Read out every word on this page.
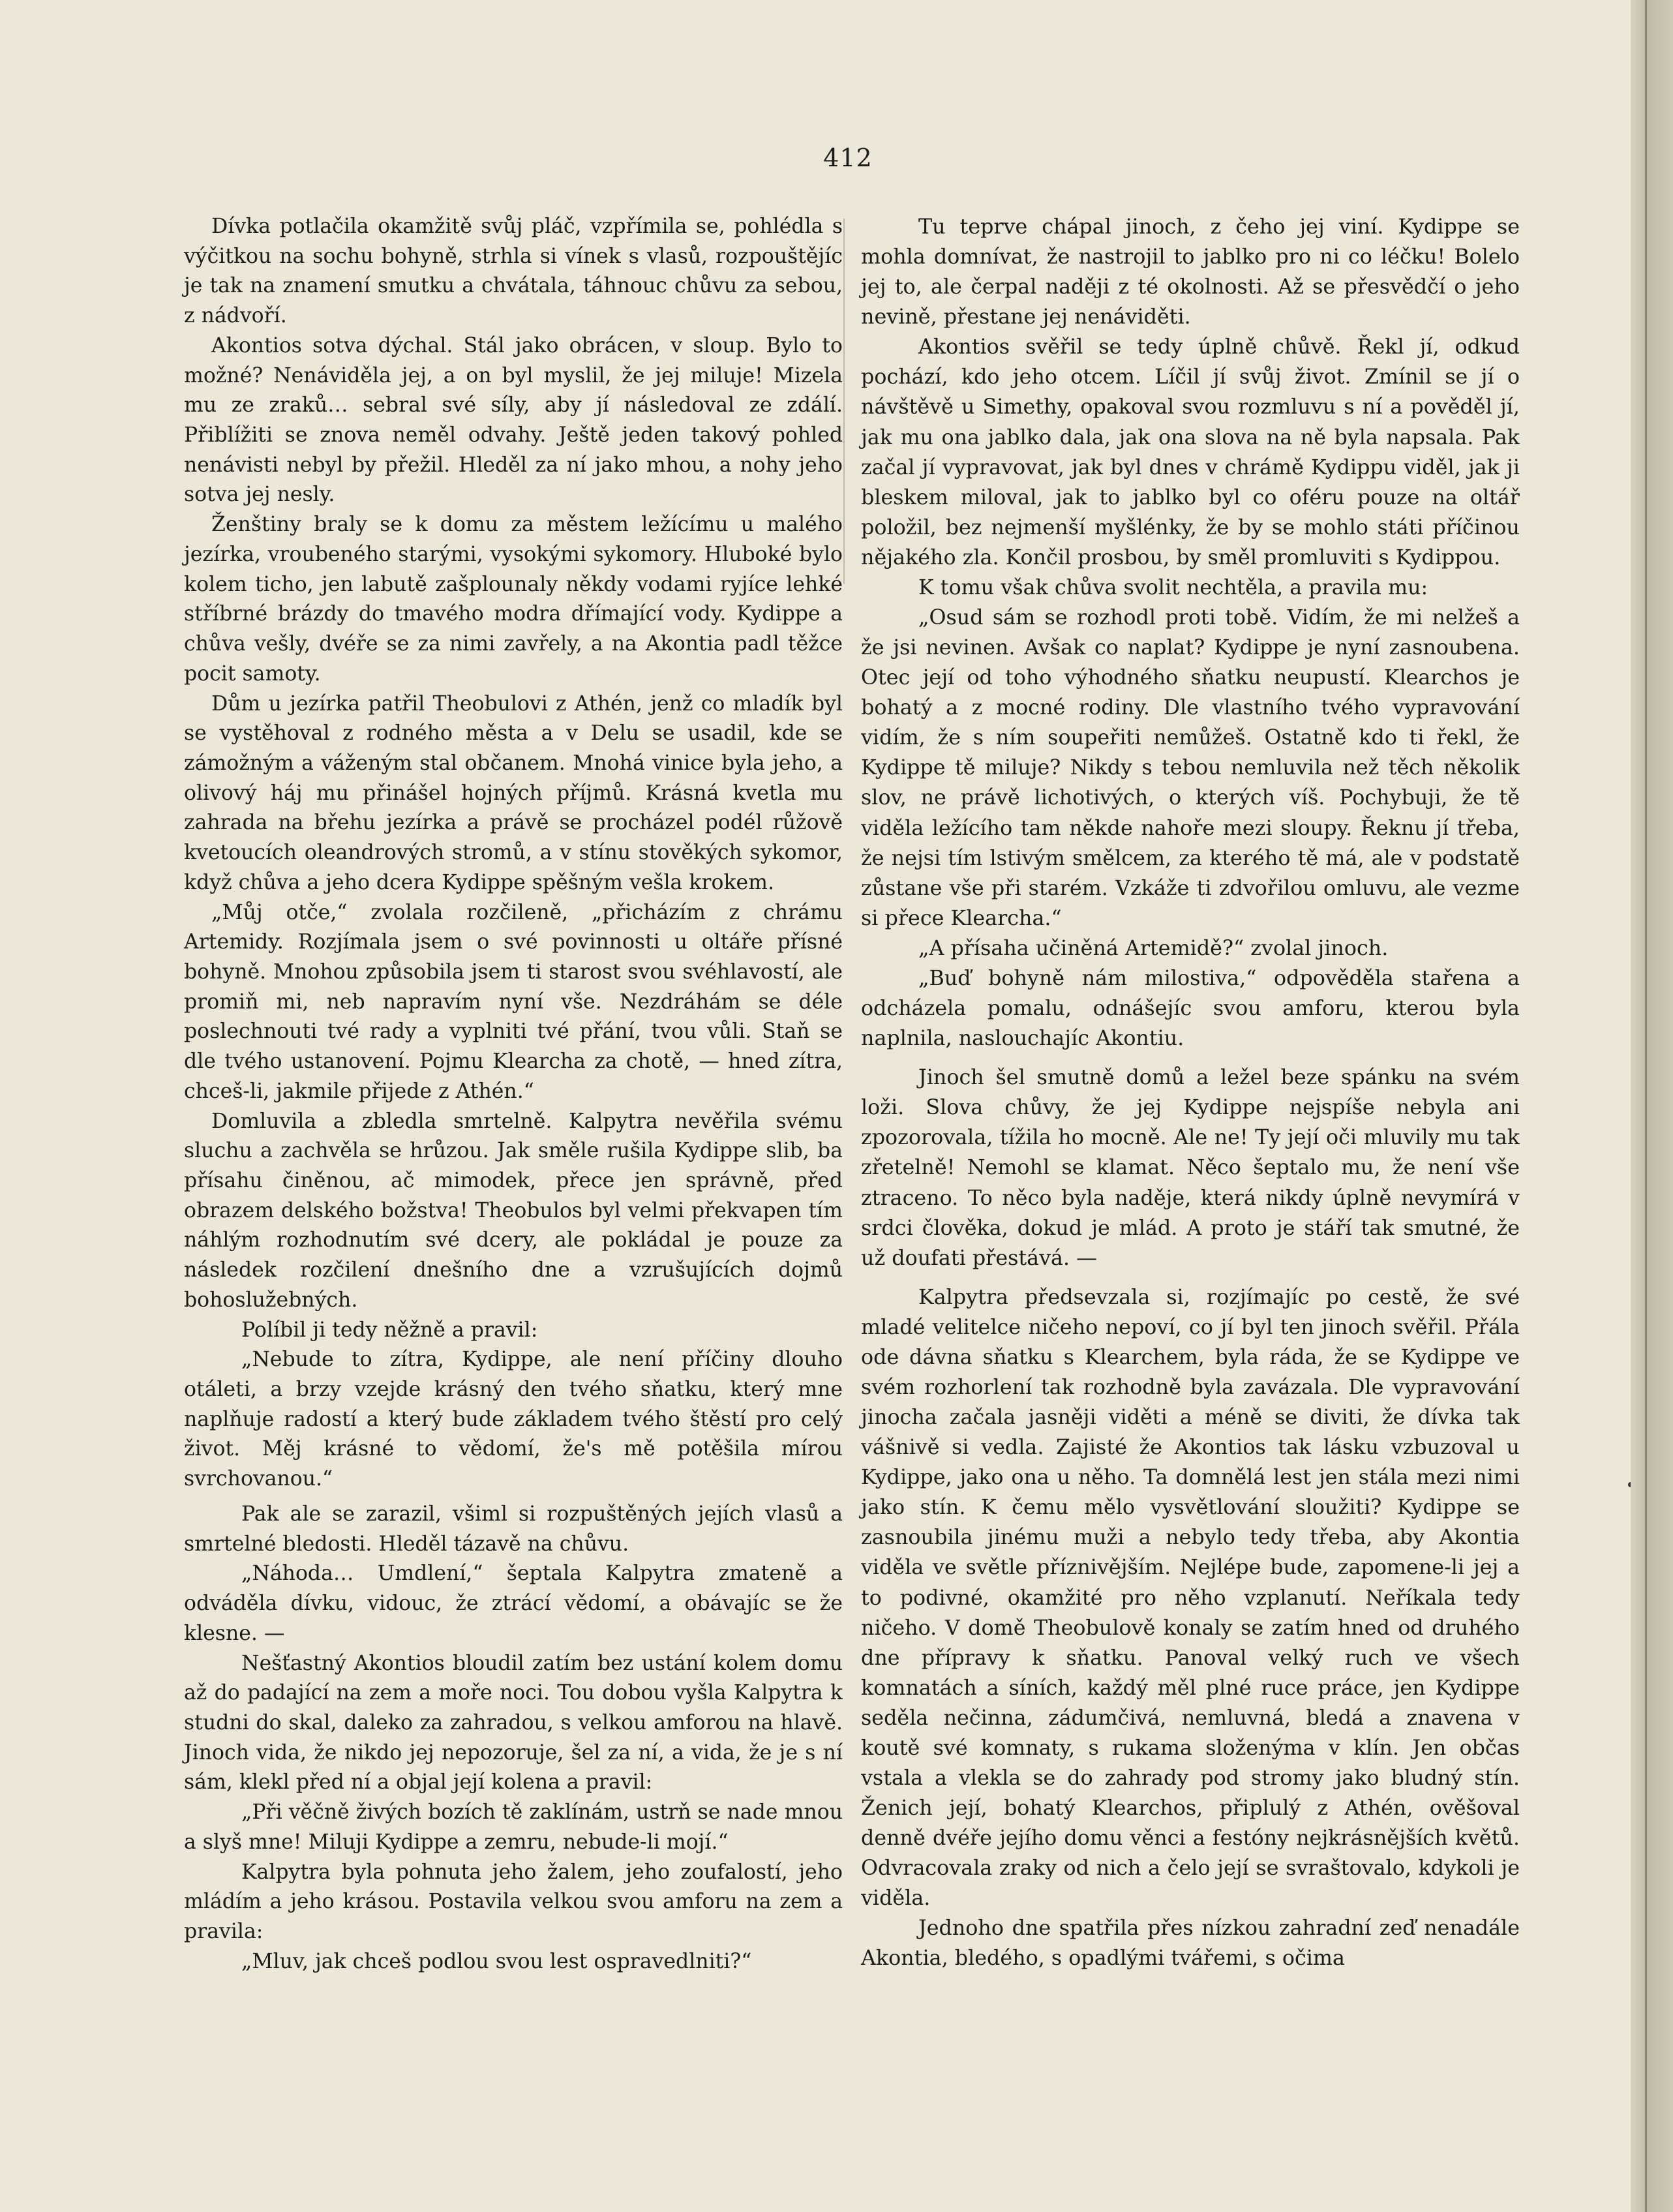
412

Dívka potlačila okamžitě svůj pláč, vzpřímila se, pohlédla s výčitkou na sochu bohyně, strhla si vínek s vlasů, rozpouštějíc je tak na znamení smutku a chvátala, táhnouc chůvu za sebou, z nádvoří.

Akontios sotva dýchal. Stál jako obrácen, v sloup. Bylo to možné? Nenáviděla jej, a on byl myslil, že jej miluje! Mizela mu ze zraků… sebral své síly, aby jí následoval ze zdálí. Přiblížiti se znova neměl odvahy. Ještě jeden takový pohled nenávisti nebyl by přežil. Hleděl za ní jako mhou, a nohy jeho sotva jej nesly.

Ženštiny braly se k domu za městem ležícímu u malého jezírka, vroubeného starými, vysokými sykomory. Hluboké bylo kolem ticho, jen labutě zašplounaly někdy vodami ryjíce lehké stříbrné brázdy do tmavého modra dřímající vody. Kydippe a chůva vešly, dvéře se za nimi zavřely, a na Akontia padl těžce pocit samoty.

Dům u jezírka patřil Theobulovi z Athén, jenž co mladík byl se vystěhoval z rodného města a v Delu se usadil, kde se zámožným a váženým stal občanem. Mnohá vinice byla jeho, a olivový háj mu přinášel hojných příjmů. Krásná kvetla mu zahrada na břehu jezírka a právě se procházel podél růžově kvetoucích oleandrových stromů, a v stínu stověkých sykomor, když chůva a jeho dcera Kydippe spěšným vešla krokem.

„Můj otče,“ zvolala rozčileně, „přicházím z chrámu Artemidy. Rozjímala jsem o své povinnosti u oltáře přísné bohyně. Mnohou způsobila jsem ti starost svou svéhlavostí, ale promiň mi, neb napravím nyní vše. Nezdráhám se déle poslechnouti tvé rady a vyplniti tvé přání, tvou vůli. Staň se dle tvého ustanovení. Pojmu Klearcha za chotě, — hned zítra, chceš-li, jakmile přijede z Athén.“

Domluvila a zbledla smrtelně. Kalpytra nevěřila svému sluchu a zachvěla se hrůzou. Jak směle rušila Kydippe slib, ba přísahu činěnou, ač mimodek, přece jen správně, před obrazem delského božstva! Theobulos byl velmi překvapen tím náhlým rozhodnutím své dcery, ale pokládal je pouze za následek rozčilení dnešního dne a vzrušujících dojmů bohoslužebných.

Políbil ji tedy něžně a pravil:

„Nebude to zítra, Kydippe, ale není příčiny dlouho otáleti, a brzy vzejde krásný den tvého sňatku, který mne naplňuje radostí a který bude základem tvého štěstí pro celý život. Měj krásné to vědomí, že's mě potěšila mírou svrchovanou.“

Pak ale se zarazil, všiml si rozpuštěných jejích vlasů a smrtelné bledosti. Hleděl tázavě na chůvu.

„Náhoda… Umdlení,“ šeptala Kalpytra zmateně a odváděla dívku, vidouc, že ztrácí vědomí, a obávajíc se že klesne. —

Nešťastný Akontios bloudil zatím bez ustání kolem domu až do padající na zem a moře noci. Tou dobou vyšla Kalpytra k studni do skal, daleko za zahradou, s velkou amforou na hlavě. Jinoch vida, že nikdo jej nepozoruje, šel za ní, a vida, že je s ní sám, klekl před ní a objal její kolena a pravil:

„Při věčně živých bozích tě zaklínám, ustrň se nade mnou a slyš mne! Miluji Kydippe a zemru, nebude-li mojí.“

Kalpytra byla pohnuta jeho žalem, jeho zoufalostí, jeho mládím a jeho krásou. Postavila velkou svou amforu na zem a pravila:

„Mluv, jak chceš podlou svou lest ospravedlniti?“

Tu teprve chápal jinoch, z čeho jej viní. Kydippe se mohla domnívat, že nastrojil to jablko pro ni co léčku! Bolelo jej to, ale čerpal naději z té okolnosti. Až se přesvědčí o jeho nevině, přestane jej nenáviděti.

Akontios svěřil se tedy úplně chůvě. Řekl jí, odkud pochází, kdo jeho otcem. Líčil jí svůj život. Zmínil se jí o návštěvě u Simethy, opakoval svou rozmluvu s ní a pověděl jí, jak mu ona jablko dala, jak ona slova na ně byla napsala. Pak začal jí vypravovat, jak byl dnes v chrámě Kydippu viděl, jak ji bleskem miloval, jak to jablko byl co oféru pouze na oltář položil, bez nejmenší myšlénky, že by se mohlo státi příčinou nějakého zla. Končil prosbou, by směl promluviti s Kydippou.

K tomu však chůva svolit nechtěla, a pravila mu:

„Osud sám se rozhodl proti tobě. Vidím, že mi nelžeš a že jsi nevinen. Avšak co naplat? Kydippe je nyní zasnoubena. Otec její od toho výhodného sňatku neupustí. Klearchos je bohatý a z mocné rodiny. Dle vlastního tvého vypravování vidím, že s ním soupeřiti nemůžeš. Ostatně kdo ti řekl, že Kydippe tě miluje? Nikdy s tebou nemluvila než těch několik slov, ne právě lichotivých, o kterých víš. Pochybuji, že tě viděla ležícího tam někde nahoře mezi sloupy. Řeknu jí třeba, že nejsi tím lstivým smělcem, za kterého tě má, ale v podstatě zůstane vše při starém. Vzkáže ti zdvořilou omluvu, ale vezme si přece Klearcha.“

„A přísaha učiněná Artemidě?“ zvolal jinoch.

„Buď bohyně nám milostiva,“ odpověděla stařena a odcházela pomalu, odnášejíc svou amforu, kterou byla naplnila, naslouchajíc Akontiu.

Jinoch šel smutně domů a ležel beze spánku na svém loži. Slova chůvy, že jej Kydippe nejspíše nebyla ani zpozorovala, tížila ho mocně. Ale ne! Ty její oči mluvily mu tak zřetelně! Nemohl se klamat. Něco šeptalo mu, že není vše ztraceno. To něco byla naděje, která nikdy úplně nevymírá v srdci člověka, dokud je mlád. A proto je stáří tak smutné, že už doufati přestává. —

Kalpytra předsevzala si, rozjímajíc po cestě, že své mladé velitelce ničeho nepoví, co jí byl ten jinoch svěřil. Přála ode dávna sňatku s Klearchem, byla ráda, že se Kydippe ve svém rozhorlení tak rozhodně byla zavázala. Dle vypravování jinocha začala jasněji viděti a méně se diviti, že dívka tak vášnivě si vedla. Zajisté že Akontios tak lásku vzbuzoval u Kydippe, jako ona u něho. Ta domnělá lest jen stála mezi nimi jako stín. K čemu mělo vysvětlování sloužiti? Kydippe se zasnoubila jinému muži a nebylo tedy třeba, aby Akontia viděla ve světle příznivějším. Nejlépe bude, zapomene-li jej a to podivné, okamžité pro něho vzplanutí. Neříkala tedy ničeho. V domě Theobulově konaly se zatím hned od druhého dne přípravy k sňatku. Panoval velký ruch ve všech komnatách a síních, každý měl plné ruce práce, jen Kydippe seděla nečinna, zádumčivá, nemluvná, bledá a znavena v koutě své komnaty, s rukama složenýma v klín. Jen občas vstala a vlekla se do zahrady pod stromy jako bludný stín. Ženich její, bohatý Klearchos, připlulý z Athén, ověšoval denně dvéře jejího domu věnci a festóny nejkrásnějších květů. Odvracovala zraky od nich a čelo její se svraštovalo, kdykoli je viděla.

Jednoho dne spatřila přes nízkou zahradní zeď nenadále Akontia, bledého, s opadlými tvářemi, s očima
